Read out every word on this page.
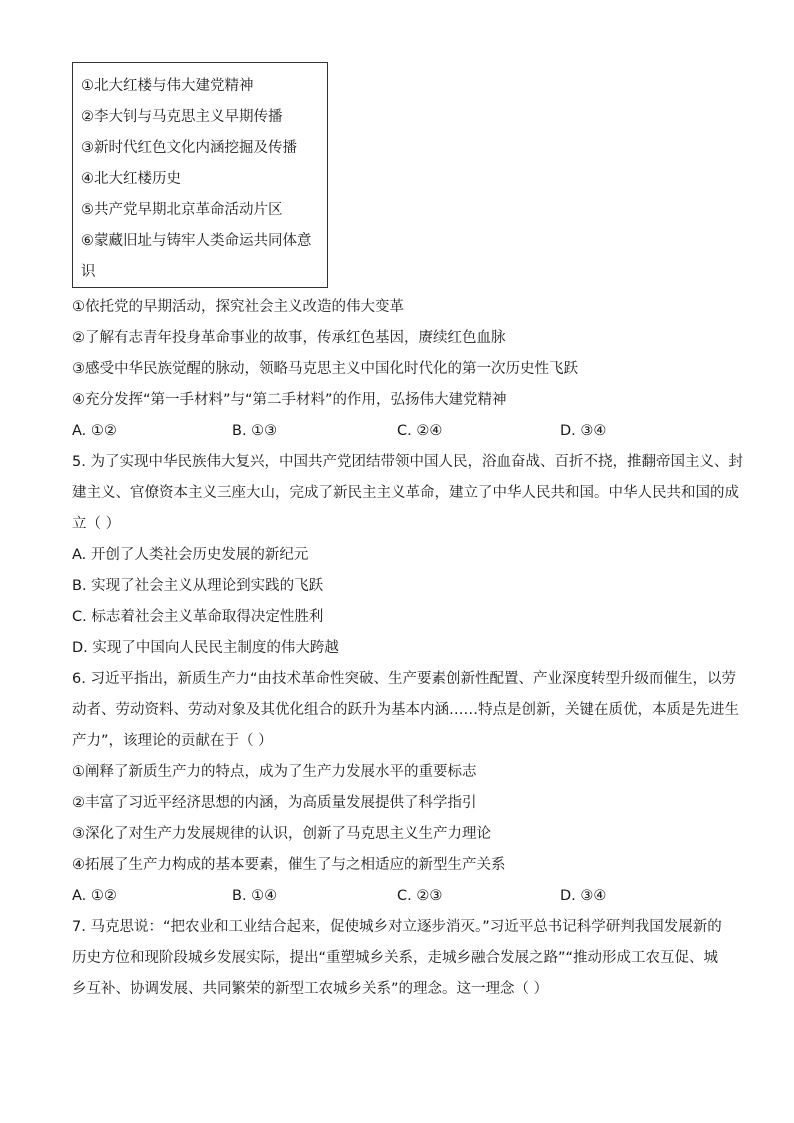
①北大红楼与伟大建党精神
②李大钊与马克思主义早期传播
③新时代红色文化内涵挖掘及传播
④北大红楼历史
⑤共产党早期北京革命活动片区
⑥蒙藏旧址与铸牢人类命运共同体意识
①依托党的早期活动，探究社会主义改造的伟大变革
②了解有志青年投身革命事业的故事，传承红色基因，赓续红色血脉
③感受中华民族觉醒的脉动，领略马克思主义中国化时代化的第一次历史性飞跃
④充分发挥“第一手材料”与“第二手材料”的作用，弘扬伟大建党精神
A. ①②	B. ①③	C. ②④	D. ③④
5. 为了实现中华民族伟大复兴，中国共产党团结带领中国人民，浴血奋战、百折不挠，推翻帝国主义、封
建主义、官僚资本主义三座大山，完成了新民主主义革命，建立了中华人民共和国。中华人民共和国的成
立（ ）
A. 开创了人类社会历史发展的新纪元
B. 实现了社会主义从理论到实践的飞跃
C. 标志着社会主义革命取得决定性胜利
D. 实现了中国向人民民主制度的伟大跨越
6. 习近平指出，新质生产力“由技术革命性突破、生产要素创新性配置、产业深度转型升级而催生，以劳
动者、劳动资料、劳动对象及其优化组合的跃升为基本内涵……特点是创新，关键在质优，本质是先进生
产力”，该理论的贡献在于（ ）
①阐释了新质生产力的特点，成为了生产力发展水平的重要标志
②丰富了习近平经济思想的内涵，为高质量发展提供了科学指引
③深化了对生产力发展规律的认识，创新了马克思主义生产力理论
④拓展了生产力构成的基本要素，催生了与之相适应的新型生产关系
A. ①②	B. ①④	C. ②③	D. ③④
7. 马克思说：“把农业和工业结合起来，促使城乡对立逐步消灭。”习近平总书记科学研判我国发展新的
历史方位和现阶段城乡发展实际，提出“重塑城乡关系，走城乡融合发展之路”“推动形成工农互促、城
乡互补、协调发展、共同繁荣的新型工农城乡关系”的理念。这一理念（ ）
